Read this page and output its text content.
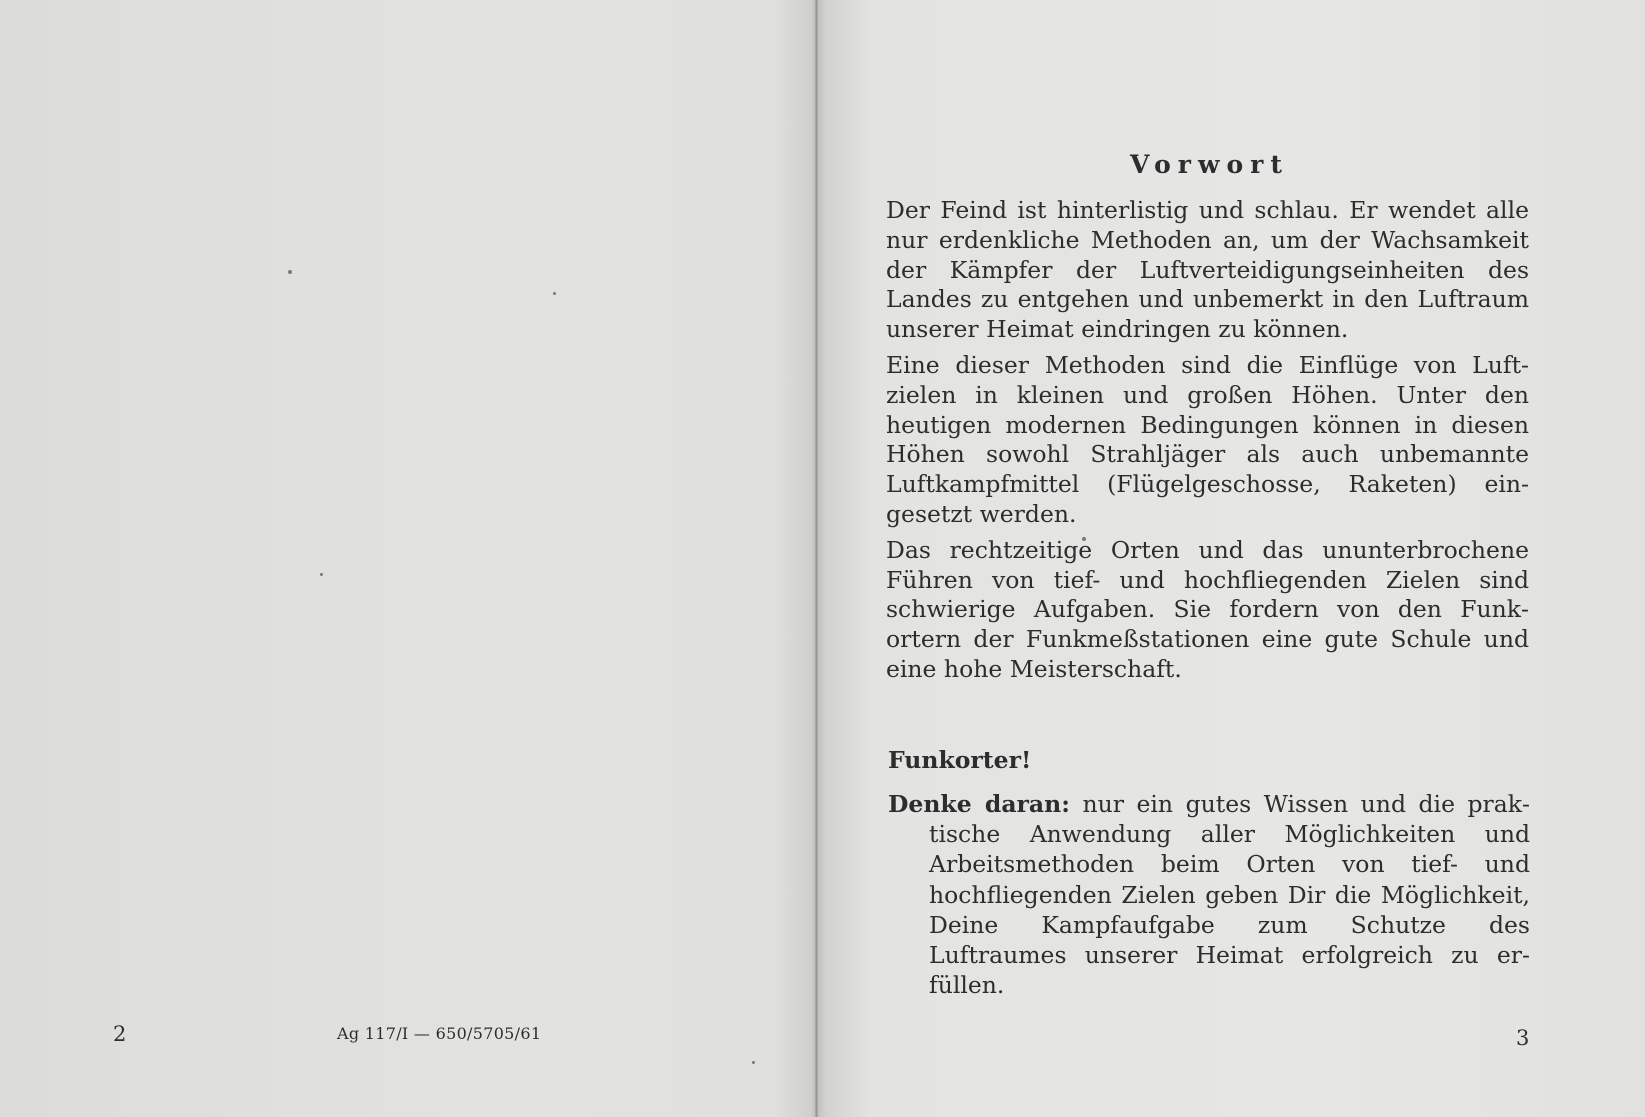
2	Ag 117/I — 650/5705/61
Vorwort

Der Feind ist hinterlistig und schlau. Er wendet alle nur erdenkliche Methoden an, um der Wachsamkeit der Kämpfer der Luftverteidigungseinheiten des Landes zu entgehen und unbemerkt in den Luftraum unserer Heimat eindringen zu können.

Eine dieser Methoden sind die Einflüge von Luftzielen in kleinen und großen Höhen. Unter den heutigen modernen Bedingungen können in diesen Höhen sowohl Strahljäger als auch unbemannte Luftkampfmittel (Flügelgeschosse, Raketen) eingesetzt werden.

Das rechtzeitige Orten und das ununterbrochene Führen von tief- und hochfliegenden Zielen sind schwierige Aufgaben. Sie fordern von den Funkortern der Funkmeßstationen eine gute Schule und eine hohe Meisterschaft.

Funkorter!
Denke daran: nur ein gutes Wissen und die praktische Anwendung aller Möglichkeiten und Arbeitsmethoden beim Orten von tief- und hochfliegenden Zielen geben Dir die Möglichkeit, Deine Kampfaufgabe zum Schutze des Luftraumes unserer Heimat erfolgreich zu erfüllen.
3
